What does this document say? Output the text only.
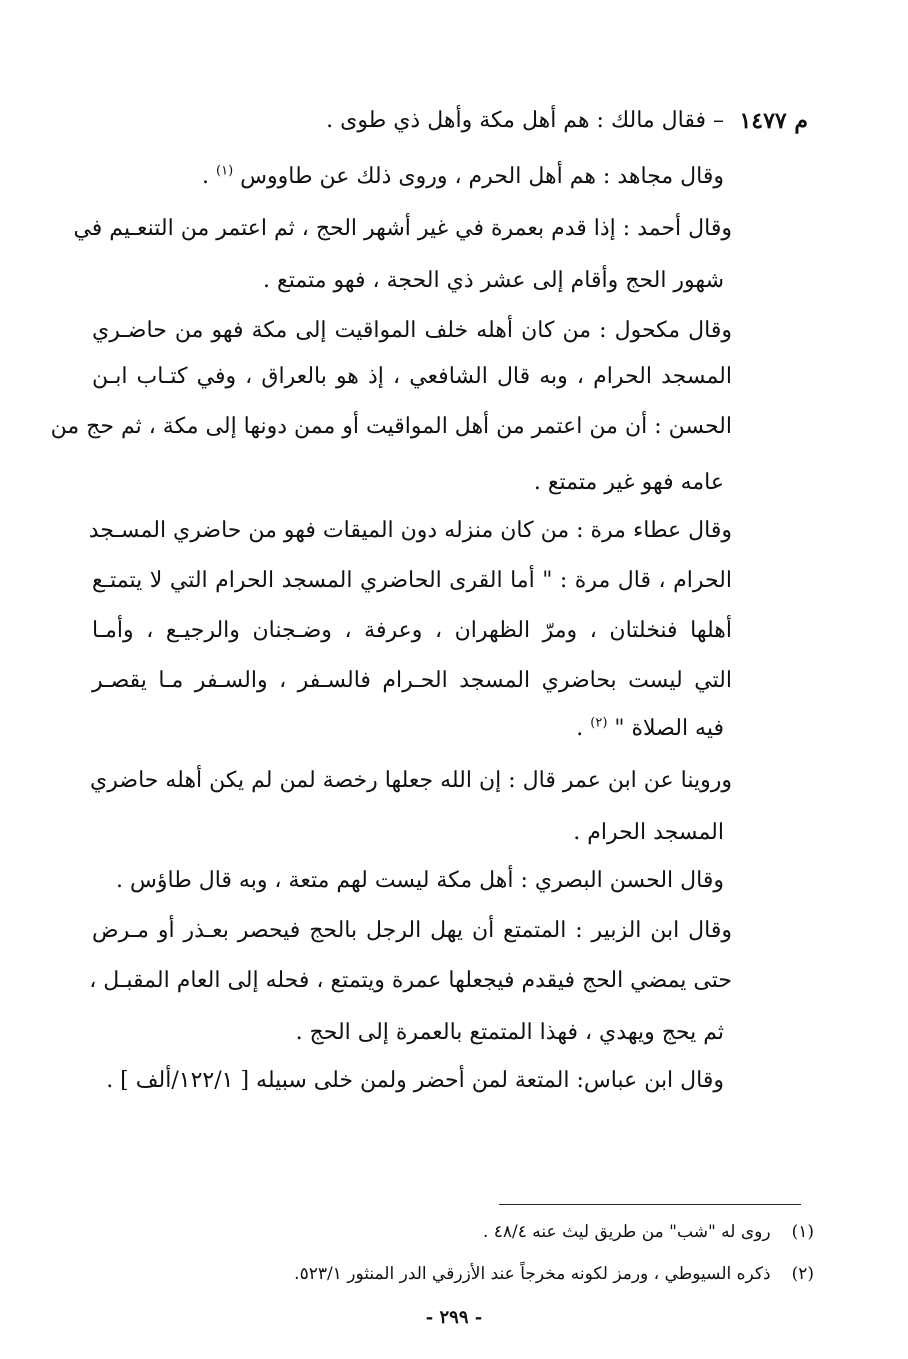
م ١٤٧٧
– فقال مالك : هم أهل مكة وأهل ذي طوى .
وقال مجاهد : هم أهل الحرم ، وروى ذلك عن طاووس $^{(١)}$ .
وقال أحمد : إذا قدم بعمرة في غير أشهر الحج ، ثم اعتمر من التنعـيم في
شهور الحج وأقام إلى عشر ذي الحجة ، فهو متمتع .
وقال مكحول : من كان أهله خلف المواقيت إلى مكة فهو من حاضـري
المسجد الحرام ، وبه قال الشافعي ، إذ هو بالعراق ، وفي كتـاب ابـن
الحسن : أن من اعتمر من أهل المواقيت أو ممن دونها إلى مكة ، ثم حج من
عامه فهو غير متمتع .
وقال عطاء مرة : من كان منزله دون الميقات فهو من حاضري المسـجد
الحرام ، قال مرة : " أما القرى الحاضري المسجد الحرام التي لا يتمتـع
أهلها فنخلتان ، ومرّ الظهران ، وعرفة ، وضـجنان والرجيـع ، وأمـا
التي ليست بحاضري المسجد الحـرام فالسـفر ، والسـفر مـا يقصـر
فيه الصلاة " $^{(٢)}$ .
وروينا عن ابن عمر قال : إن الله جعلها رخصة لمن لم يكن أهله حاضري
المسجد الحرام .
وقال الحسن البصري : أهل مكة ليست لهم متعة ، وبه قال طاؤس .
وقال ابن الزبير : المتمتع أن يهل الرجل بالحج فيحصر بعـذر أو مـرض
حتى يمضي الحج فيقدم فيجعلها عمرة ويتمتع ، فحله إلى العام المقبـل ،
ثم يحج ويهدي ، فهذا المتمتع بالعمرة إلى الحج .
وقال ابن عباس: المتعة لمن أحضر ولمن خلى سبيله [ ١٢٢/١/ألف ] .
(١) روى له "شب" من طريق ليث عنه ٤٨/٤ .
(٢) ذكره السيوطي ، ورمز لكونه مخرجاً عند الأزرقي الدر المنثور ٥٢٣/١.
- ٢٩٩ -
